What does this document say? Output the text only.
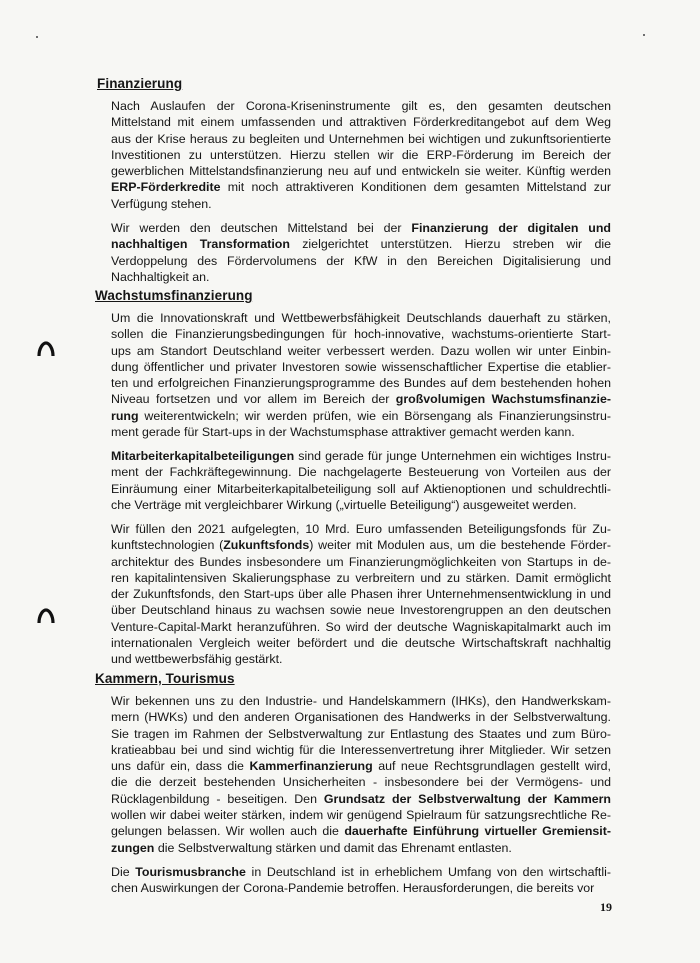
Finanzierung
Nach Auslaufen der Corona-Kriseninstrumente gilt es, den gesamten deutschen
Mittelstand mit einem umfassenden und attraktiven Förderkreditangebot auf dem Weg
aus der Krise heraus zu begleiten und Unternehmen bei wichtigen und zukunftsorientierte
Investitionen zu unterstützen. Hierzu stellen wir die ERP-Förderung im Bereich der
gewerblichen Mittelstandsfinanzierung neu auf und entwickeln sie weiter. Künftig werden
ERP-Förderkredite mit noch attraktiveren Konditionen dem gesamten Mittelstand zur
Verfügung stehen.
Wir werden den deutschen Mittelstand bei der Finanzierung der digitalen und
nachhaltigen Transformation zielgerichtet unterstützen. Hierzu streben wir die
Verdoppelung des Fördervolumens der KfW in den Bereichen Digitalisierung und
Nachhaltigkeit an.
Wachstumsfinanzierung
Um die Innovationskraft und Wettbewerbsfähigkeit Deutschlands dauerhaft zu stärken,
sollen die Finanzierungsbedingungen für hoch-innovative, wachstums-orientierte Start-
ups am Standort Deutschland weiter verbessert werden. Dazu wollen wir unter Einbin-
dung öffentlicher und privater Investoren sowie wissenschaftlicher Expertise die etablier-
ten und erfolgreichen Finanzierungsprogramme des Bundes auf dem bestehenden hohen
Niveau fortsetzen und vor allem im Bereich der großvolumigen Wachstumsfinanzie-
rung weiterentwickeln; wir werden prüfen, wie ein Börsengang als Finanzierungsinstru-
ment gerade für Start-ups in der Wachstumsphase attraktiver gemacht werden kann.
Mitarbeiterkapitalbeteiligungen sind gerade für junge Unternehmen ein wichtiges Instru-
ment der Fachkräftegewinnung. Die nachgelagerte Besteuerung von Vorteilen aus der
Einräumung einer Mitarbeiterkapitalbeteiligung soll auf Aktienoptionen und schuldrechtli-
che Verträge mit vergleichbarer Wirkung („virtuelle Beteiligung“) ausgeweitet werden.
Wir füllen den 2021 aufgelegten, 10 Mrd. Euro umfassenden Beteiligungsfonds für Zu-
kunftstechnologien (Zukunftsfonds) weiter mit Modulen aus, um die bestehende Förder-
architektur des Bundes insbesondere um Finanzierungmöglichkeiten von Startups in de-
ren kapitalintensiven Skalierungsphase zu verbreitern und zu stärken. Damit ermöglicht
der Zukunftsfonds, den Start-ups über alle Phasen ihrer Unternehmensentwicklung in und
über Deutschland hinaus zu wachsen sowie neue Investorengruppen an den deutschen
Venture-Capital-Markt heranzuführen. So wird der deutsche Wagniskapitalmarkt auch im
internationalen Vergleich weiter befördert und die deutsche Wirtschaftskraft nachhaltig
und wettbewerbsfähig gestärkt.
Kammern, Tourismus
Wir bekennen uns zu den Industrie- und Handelskammern (IHKs), den Handwerkskam-
mern (HWKs) und den anderen Organisationen des Handwerks in der Selbstverwaltung.
Sie tragen im Rahmen der Selbstverwaltung zur Entlastung des Staates und zum Büro-
kratieabbau bei und sind wichtig für die Interessenvertretung ihrer Mitglieder. Wir setzen
uns dafür ein, dass die Kammerfinanzierung auf neue Rechtsgrundlagen gestellt wird,
die die derzeit bestehenden Unsicherheiten - insbesondere bei der Vermögens- und
Rücklagenbildung - beseitigen. Den Grundsatz der Selbstverwaltung der Kammern
wollen wir dabei weiter stärken, indem wir genügend Spielraum für satzungsrechtliche Re-
gelungen belassen. Wir wollen auch die dauerhafte Einführung virtueller Gremiensit-
zungen die Selbstverwaltung stärken und damit das Ehrenamt entlasten.
Die Tourismusbranche in Deutschland ist in erheblichem Umfang von den wirtschaftli-
chen Auswirkungen der Corona-Pandemie betroffen. Herausforderungen, die bereits vor
19
